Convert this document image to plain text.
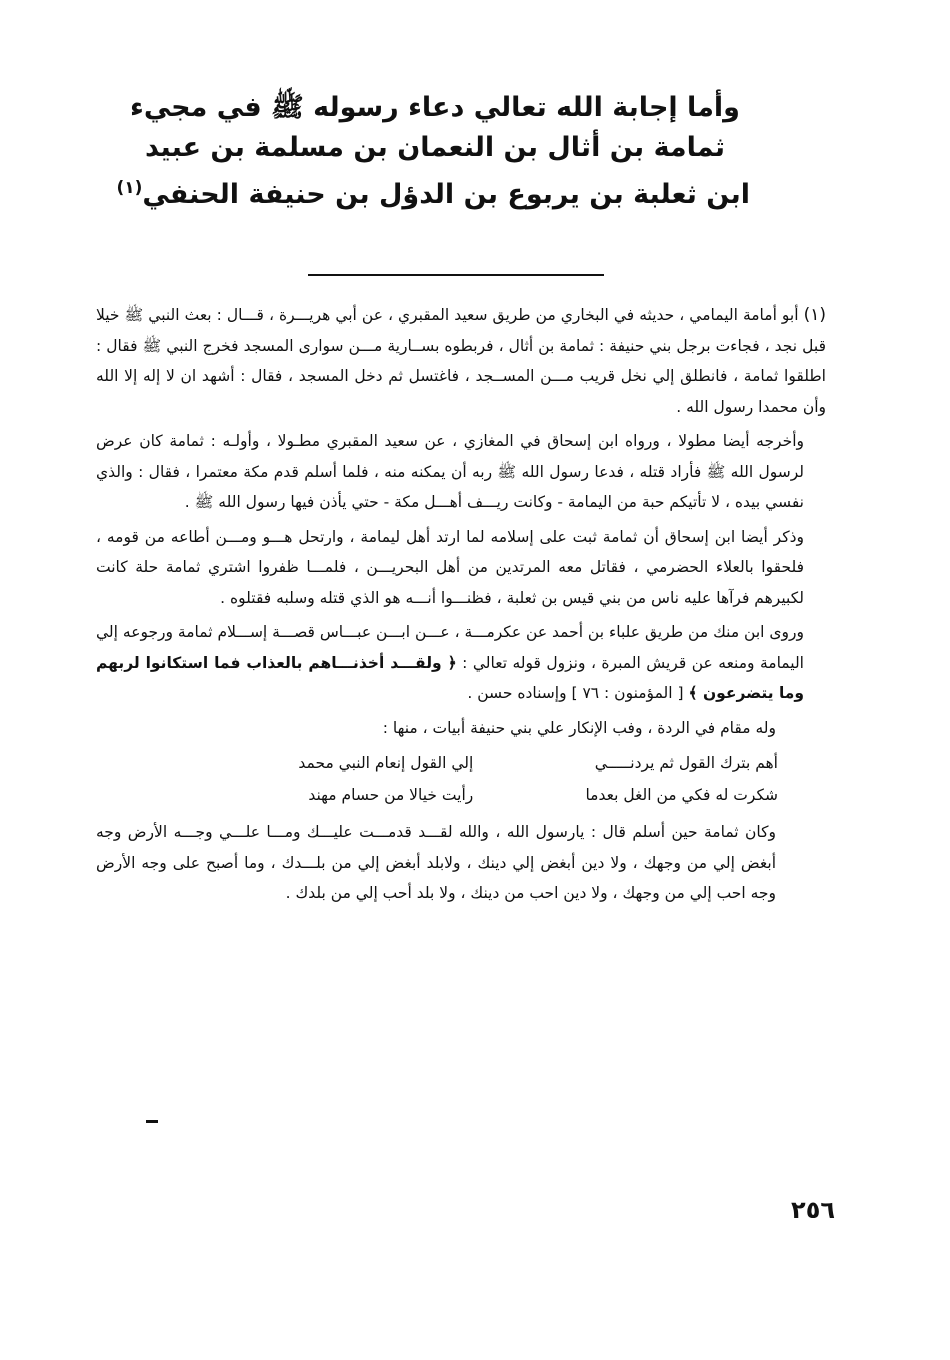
وأما إجابة الله تعالي دعاء رسوله ﷺ في مجيء
ثمامة بن أثال بن النعمان بن مسلمة بن عبيد
ابن ثعلبة بن يربوع بن الدؤل بن حنيفة الحنفي$^{(١)}$

(١) أبو أمامة اليمامي ، حديثه في البخاري من طريق سعيد المقبري ، عن أبي هريـــرة ، قـــال : بعث النبي ﷺ خيلا قبل نجد ، فجاءت برجل بني حنيفة : ثمامة بن أثال ، فربطوه بســارية مـــن سوارى المسجد فخرج النبي ﷺ فقال : اطلقوا ثمامة ، فانطلق إلي نخل قريب مـــن المســجد ، فاغتسل ثم دخل المسجد ، فقال : أشهد ان لا إله إلا الله وأن محمدا رسول الله .

وأخرجه أيضا مطولا ، ورواه ابن إسحاق في المغازي ، عن سعيد المقبري مطـولا ، وأولـه : ثمامة كان عرض لرسول الله ﷺ فأراد قتله ، فدعا رسول الله ﷺ ربه أن يمكنه منه ، فلما أسلم قدم مكة معتمرا ، فقال : والذي نفسي بيده ، لا تأتيكم حبة من اليمامة - وكانت ريـــف أهـــل مكة - حتي يأذن فيها رسول الله ﷺ .

وذكر أيضا ابن إسحاق أن ثمامة ثبت على إسلامه لما ارتد أهل ليمامة ، وارتحل هـــو ومـــن أطاعه من قومه ، فلحقوا بالعلاء الحضرمي ، فقاتل معه المرتدين من أهل البحريـــن ، فلمـــا ظفروا اشتري ثمامة حلة كانت لكبيرهم فرآها عليه ناس من بني قيس بن ثعلبة ، فظنـــوا أنـــه هو الذي قتله وسلبه فقتلوه .

وروى ابن منك من طريق علباء بن أحمد عن عكرمـــة ، عـــن ابـــن عبـــاس قصـــة إســـلام ثمامة ورجوعه إلي اليمامة ومنعه عن قريش المبرة ، ونزول قوله تعالي : ﴿ ولقـــد أخذنـــاهم بالعذاب فما استكانوا لربهم وما يتضرعون ﴾ [ المؤمنون : ٧٦ ] وإسناده حسن .

وله مقام في الردة ، وفب الإنكار علي بني حنيفة أبيات ، منها :

أهم بترك القول ثم يردنـــــي
إلي القول إنعام النبي محمد
شكرت له فكي من الغل بعدما
رأيت خيالا من حسام مهند

وكان ثمامة حين أسلم قال : يارسول الله ، والله لقـــد قدمـــت عليـــك ومـــا علـــي وجـــه الأرض وجه أبغض إلي من وجهك ، ولا دين أبغض إلي دينك ، ولابلد أبغض إلي من بلـــدك ، وما أصبح على وجه الأرض وجه احب إلي من وجهك ، ولا دين احب من دينك ، ولا بلد أحب إلي من بلدك .

٢٥٦
